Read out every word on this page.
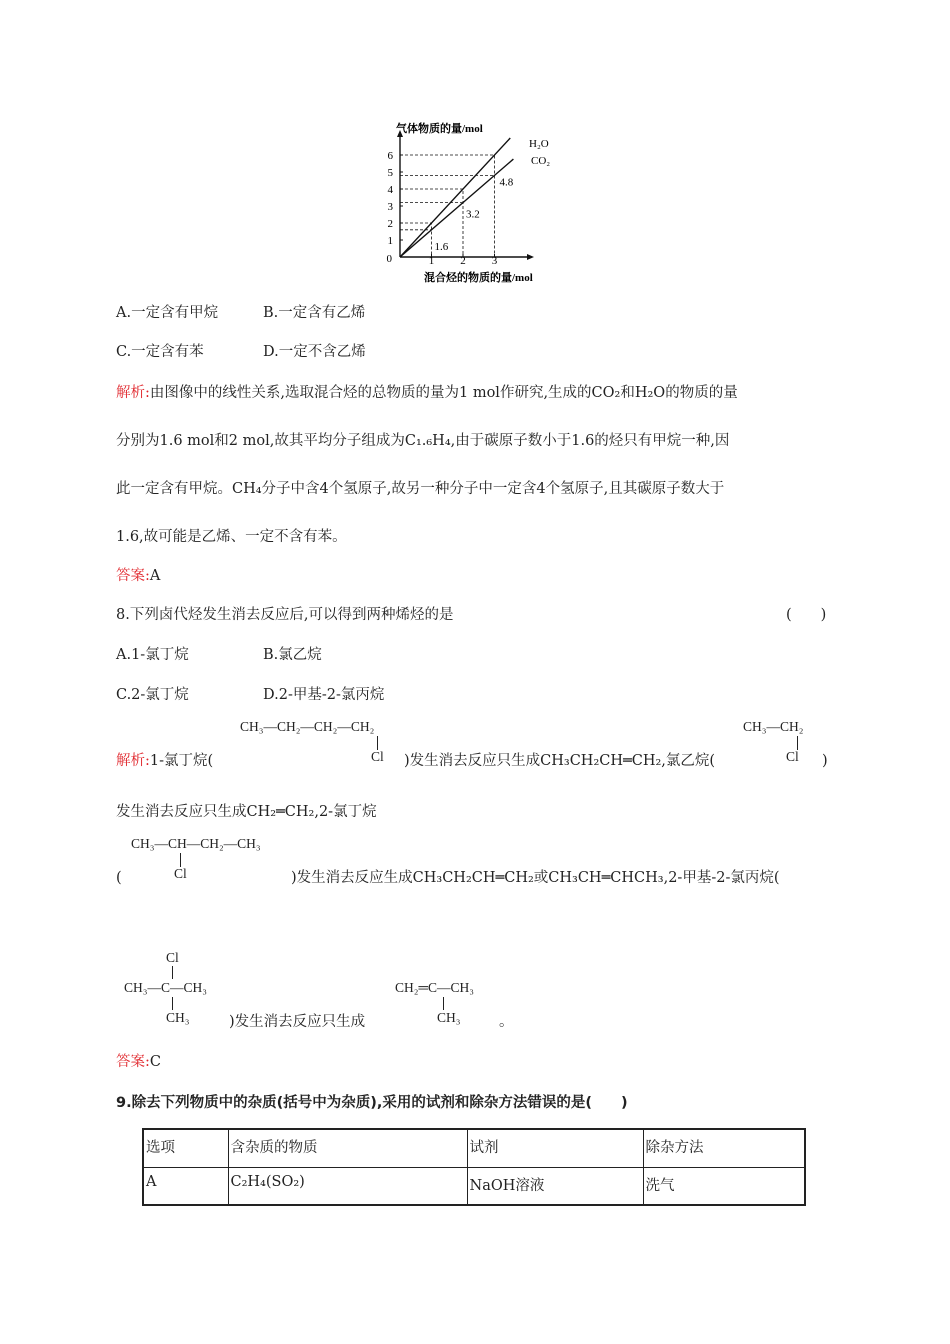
气体物质的量/mol
混合烃的物质的量/mol
0
1
2
3
4
5
6
1 2 3
H₂O
CO₂
1.6
3.2
4.8
A.一定含有甲烷	B.一定含有乙烯
C.一定含有苯	D.一定不含乙烯
解析:由图像中的线性关系,选取混合烃的总物质的量为1 mol作研究,生成的CO₂和H₂O的物质的量
分别为1.6 mol和2 mol,故其平均分子组成为C₁.₆H₄,由于碳原子数小于1.6的烃只有甲烷一种,因
此一定含有甲烷。CH₄分子中含4个氢原子,故另一种分子中一定含4个氢原子,且其碳原子数大于
1.6,故可能是乙烯、一定不含有苯。
答案:A
8.下列卤代烃发生消去反应后,可以得到两种烯烃的是	(　　)
A.1-氯丁烷	B.氯乙烷
C.2-氯丁烷	D.2-甲基-2-氯丙烷
CH₃—CH₂—CH₂—CH₂
Cl
CH₃—CH₂
Cl
解析:1-氯丁烷(	)发生消去反应只生成CH₃CH₂CH═CH₂,氯乙烷(	)
发生消去反应只生成CH₂═CH₂,2-氯丁烷
CH₃—CH—CH₂—CH₃
Cl
(	)发生消去反应生成CH₃CH₂CH═CH₂或CH₃CH═CHCH₃,2-甲基-2-氯丙烷(
Cl
CH₃—C—CH₃
CH₃	)发生消去反应只生成
CH₂═C—CH₃
CH₃	。
答案:C
9.除去下列物质中的杂质(括号中为杂质),采用的试剂和除杂方法错误的是(　　)
选项	含杂质的物质	试剂	除杂方法
A	C₂H₄(SO₂)	NaOH溶液	洗气
